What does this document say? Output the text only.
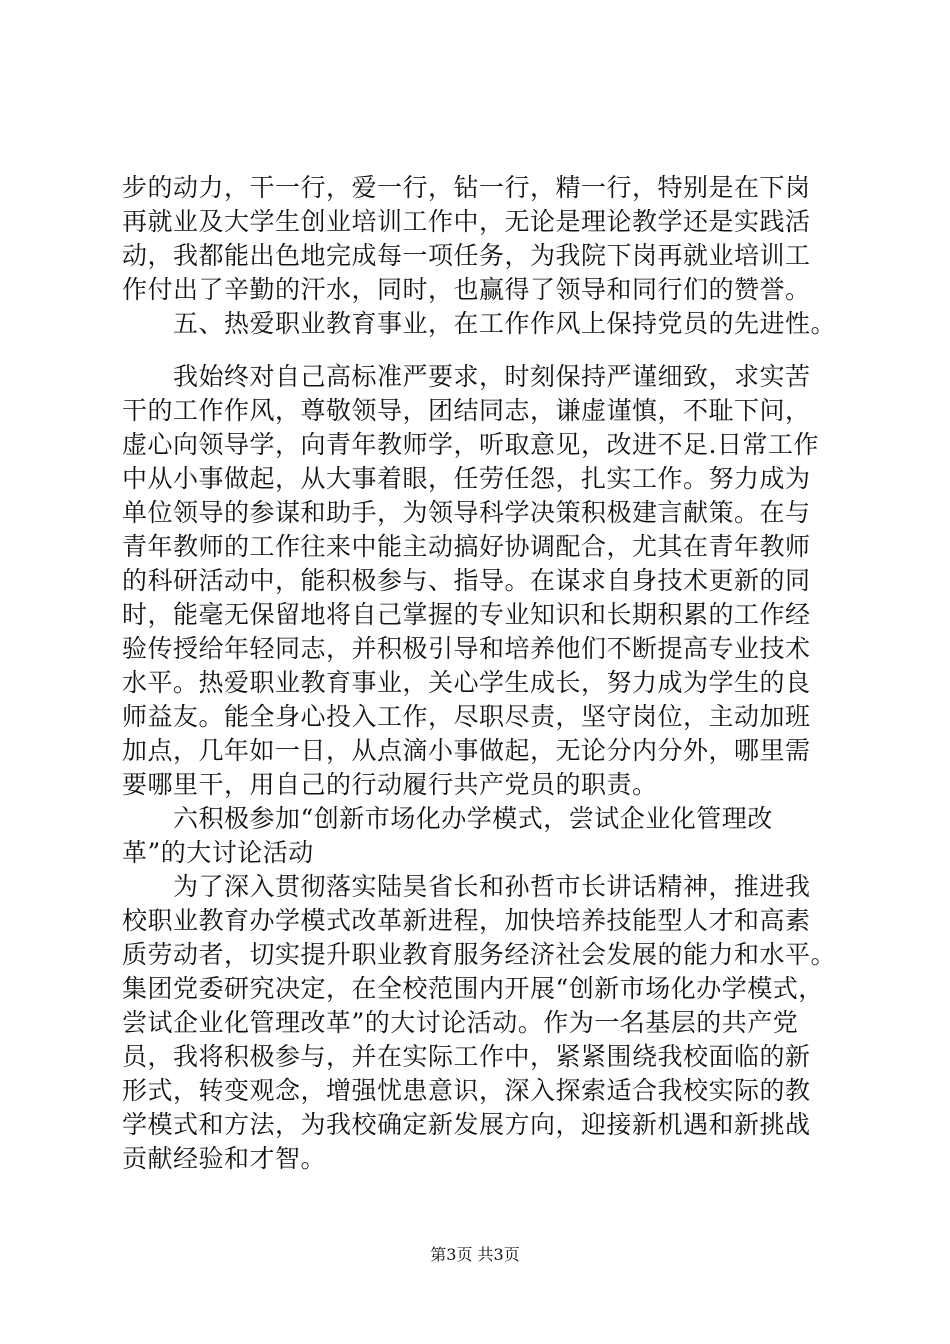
步的动力，干一行，爱一行，钻一行，精一行，特别是在下岗
再就业及大学生创业培训工作中，无论是理论教学还是实践活
动，我都能出色地完成每一项任务，为我院下岗再就业培训工
作付出了辛勤的汗水，同时，也赢得了领导和同行们的赞誉。
　　五、热爱职业教育事业，在工作作风上保持党员的先进性。
　　我始终对自己高标准严要求，时刻保持严谨细致，求实苦
干的工作作风，尊敬领导，团结同志，谦虚谨慎，不耻下问，
虚心向领导学，向青年教师学，听取意见，改进不足.日常工作
中从小事做起，从大事着眼，任劳任怨，扎实工作。努力成为
单位领导的参谋和助手，为领导科学决策积极建言献策。在与
青年教师的工作往来中能主动搞好协调配合，尤其在青年教师
的科研活动中，能积极参与、指导。在谋求自身技术更新的同
时，能毫无保留地将自己掌握的专业知识和长期积累的工作经
验传授给年轻同志，并积极引导和培养他们不断提高专业技术
水平。热爱职业教育事业，关心学生成长，努力成为学生的良
师益友。能全身心投入工作，尽职尽责，坚守岗位，主动加班
加点，几年如一日，从点滴小事做起，无论分内分外，哪里需
要哪里干，用自己的行动履行共产党员的职责。
　　六积极参加“创新市场化办学模式，尝试企业化管理改
革”的大讨论活动
　　为了深入贯彻落实陆昊省长和孙哲市长讲话精神，推进我
校职业教育办学模式改革新进程，加快培养技能型人才和高素
质劳动者，切实提升职业教育服务经济社会发展的能力和水平。
集团党委研究决定，在全校范围内开展“创新市场化办学模式，
尝试企业化管理改革”的大讨论活动。作为一名基层的共产党
员，我将积极参与，并在实际工作中，紧紧围绕我校面临的新
形式，转变观念，增强忧患意识，深入探索适合我校实际的教
学模式和方法，为我校确定新发展方向，迎接新机遇和新挑战
贡献经验和才智。
第3页 共3页
